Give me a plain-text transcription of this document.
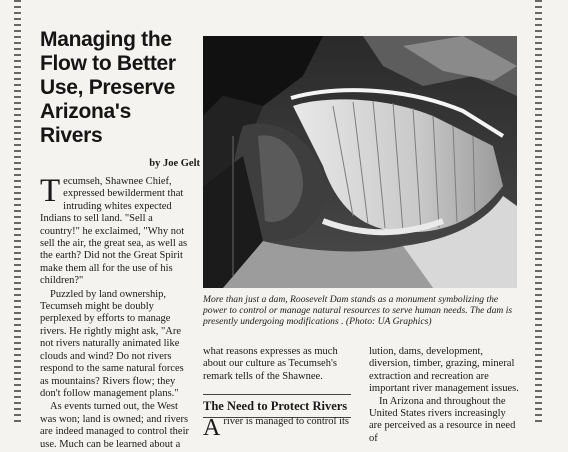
Managing the Flow to Better Use, Preserve Arizona's Rivers
by Joe Gelt

Tecumseh, Shawnee Chief, expressed bewilderment that intruding whites expected Indians to sell land. "Sell a country!" he exclaimed, "Why not sell the air, the great sea, as well as the earth? Did not the Great Spirit make them all for the use of his children?"

Puzzled by land ownership, Tecumseh might be doubly perplexed by efforts to manage rivers. He rightly might ask, "Are not rivers naturally animated like clouds and wind? Do not rivers respond to the same natural forces as mountains? Rivers flow; they don't follow management plans."

As events turned out, the West was won; land is owned; and rivers are indeed managed to control their use. Much can be learned about a

More than just a dam, Roosevelt Dam stands as a monument symbolizing the power to control or manage natural resources to serve human needs. The dam is presently undergoing modifications . (Photo: UA Graphics)

what reasons expresses as much about our culture as Tecumseh's remark tells of the Shawnee.

The Need to Protect Rivers
A river is managed to control its

lution, dams, development, diversion, timber, grazing, mineral extraction and recreation are important river management issues.

In Arizona and throughout the United States rivers increasingly are perceived as a resource in need of
